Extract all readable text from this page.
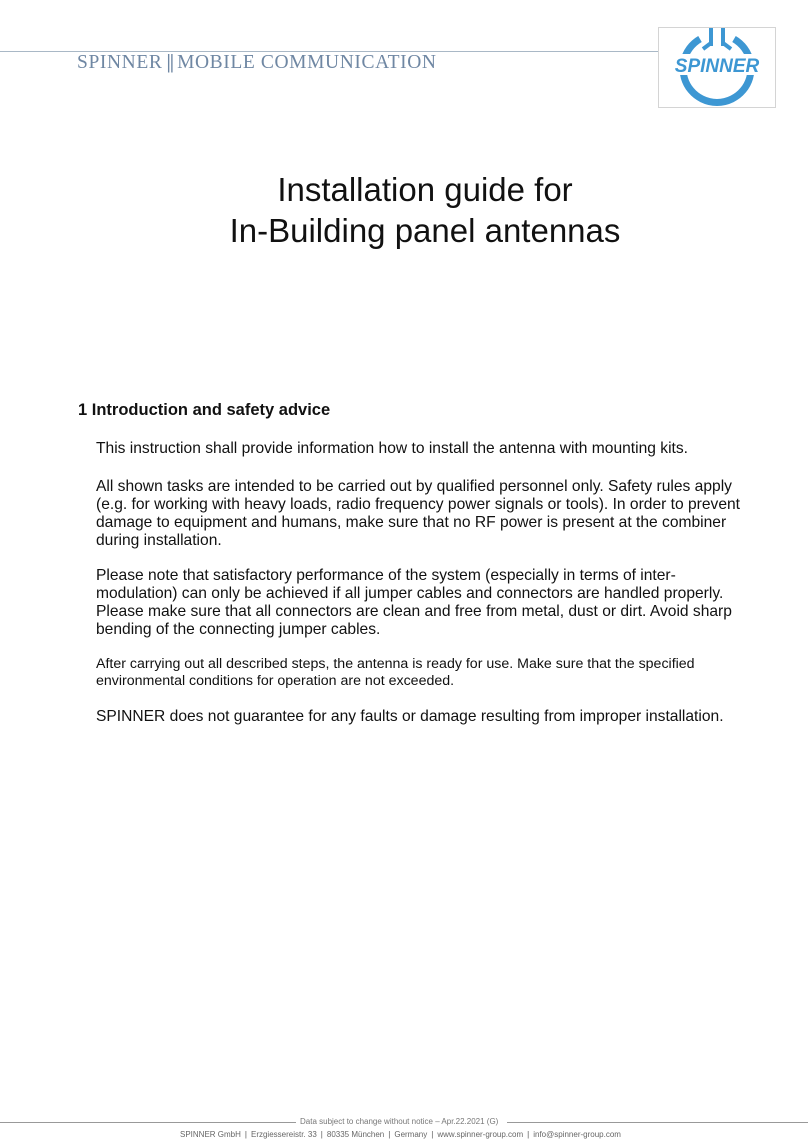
SPINNER || MOBILE COMMUNICATION	SPINNER
Installation guide for
In-Building panel antennas
1 Introduction and safety advice
This instruction shall provide information how to install the antenna with mounting kits.
All shown tasks are intended to be carried out by qualified personnel only. Safety rules apply
(e.g. for working with heavy loads, radio frequency power signals or tools). In order to prevent
damage to equipment and humans, make sure that no RF power is present at the combiner
during installation.
Please note that satisfactory performance of the system (especially in terms of inter-
modulation) can only be achieved if all jumper cables and connectors are handled properly.
Please make sure that all connectors are clean and free from metal, dust or dirt. Avoid sharp
bending of the connecting jumper cables.
After carrying out all described steps, the antenna is ready for use. Make sure that the specified
environmental conditions for operation are not exceeded.
SPINNER does not guarantee for any faults or damage resulting from improper installation.
Data subject to change without notice – Apr.22.2021 (G)
SPINNER GmbH | Erzgiessereistr. 33 | 80335 München | Germany | www.spinner-group.com | info@spinner-group.com
